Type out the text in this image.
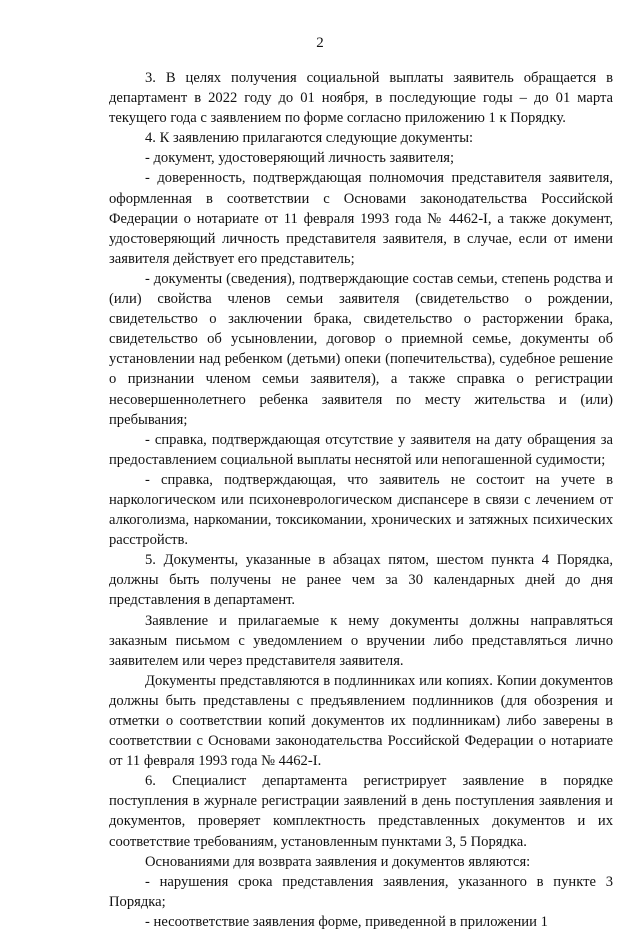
2

3. В целях получения социальной выплаты заявитель обращается в департамент в 2022 году до 01 ноября, в последующие годы – до 01 марта текущего года с заявлением по форме согласно приложению 1 к Порядку.

4. К заявлению прилагаются следующие документы:

- документ, удостоверяющий личность заявителя;

- доверенность, подтверждающая полномочия представителя заявителя, оформленная в соответствии с Основами законодательства Российской Федерации о нотариате от 11 февраля 1993 года № 4462-I, а также документ, удостоверяющий личность представителя заявителя, в случае, если от имени заявителя действует его представитель;

- документы (сведения), подтверждающие состав семьи, степень родства и (или) свойства членов семьи заявителя (свидетельство о рождении, свидетельство о заключении брака, свидетельство о расторжении брака, свидетельство об усыновлении, договор о приемной семье, документы об установлении над ребенком (детьми) опеки (попечительства), судебное решение о признании членом семьи заявителя), а также справка о регистрации несовершеннолетнего ребенка заявителя по месту жительства и (или) пребывания;

- справка, подтверждающая отсутствие у заявителя на дату обращения за предоставлением социальной выплаты неснятой или непогашенной судимости;

- справка, подтверждающая, что заявитель не состоит на учете в наркологическом или психоневрологическом диспансере в связи с лечением от алкоголизма, наркомании, токсикомании, хронических и затяжных психических расстройств.

5. Документы, указанные в абзацах пятом, шестом пункта 4 Порядка, должны быть получены не ранее чем за 30 календарных дней до дня представления в департамент.

Заявление и прилагаемые к нему документы должны направляться заказным письмом с уведомлением о вручении либо представляться лично заявителем или через представителя заявителя.

Документы представляются в подлинниках или копиях. Копии документов должны быть представлены с предъявлением подлинников (для обозрения и отметки о соответствии копий документов их подлинникам) либо заверены в соответствии с Основами законодательства Российской Федерации о нотариате от 11 февраля 1993 года № 4462-I.

6. Специалист департамента регистрирует заявление в порядке поступления в журнале регистрации заявлений в день поступления заявления и документов, проверяет комплектность представленных документов и их соответствие требованиям, установленным пунктами 3, 5 Порядка.

Основаниями для возврата заявления и документов являются:

- нарушения срока представления заявления, указанного в пункте 3 Порядка;

- несоответствие заявления форме, приведенной в приложении 1
